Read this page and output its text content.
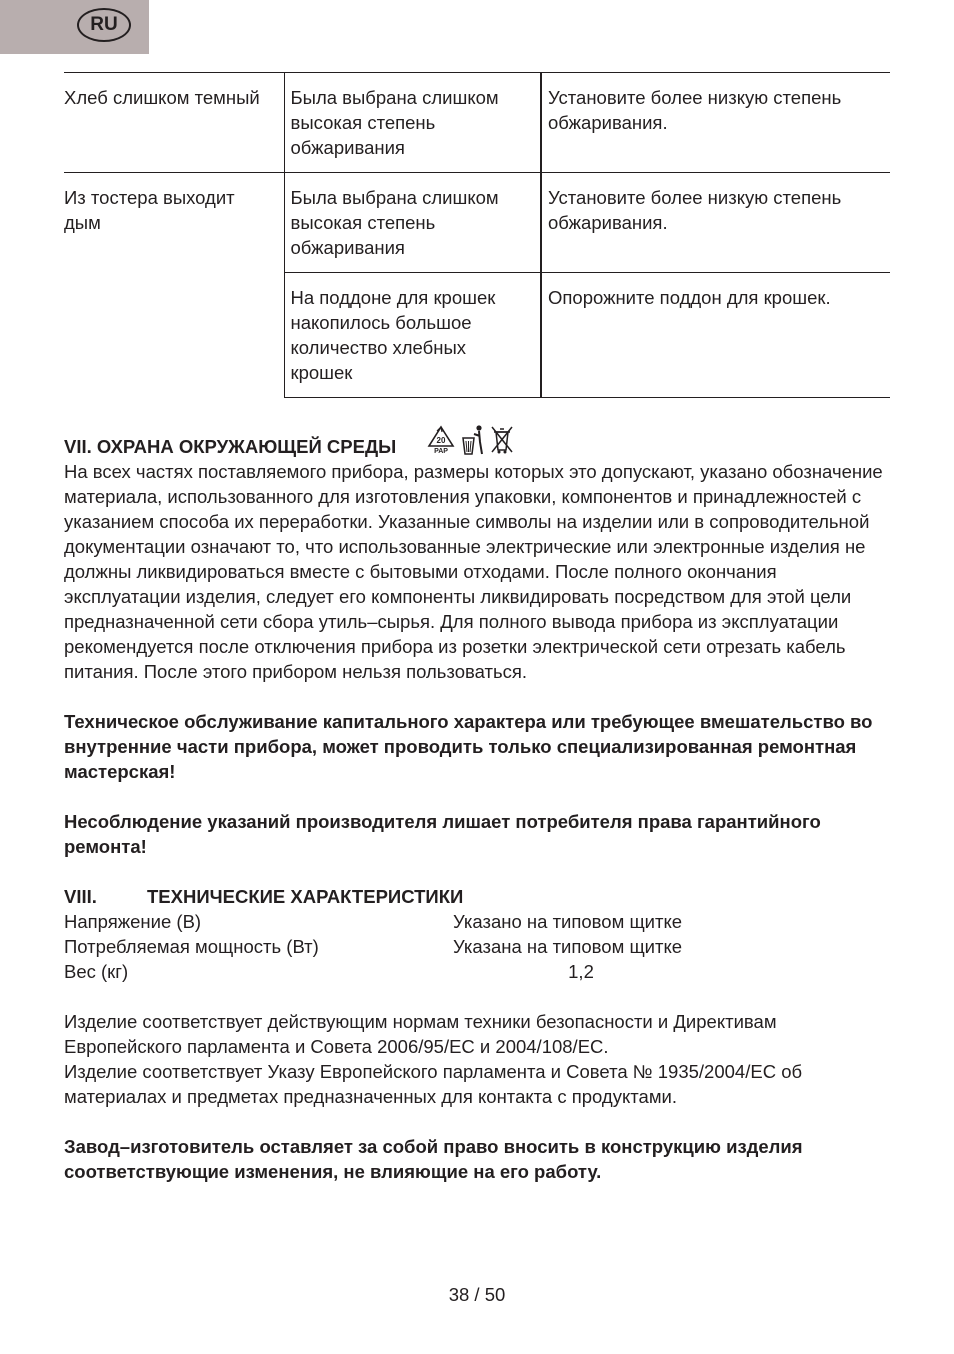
RU
Хлеб слишком темный	Была выбрана слишком высокая степень обжаривания	Установите более низкую степень обжаривания.
Из тостера выходит дым	Была выбрана слишком высокая степень обжаривания	Установите более низкую степень обжаривания.
	На поддоне для крошек накопилось большое количество хлебных крошек	Опорожните поддон для крошек.
VII. ОХРАНА ОКРУЖАЮЩЕЙ СРЕДЫ	20
PAP

На всех частях поставляемого прибора, размеры которых это допускают, указано обозначение материала, использованного для изготовления упаковки, компонентов и принадлежностей с указанием способа их переработки. Указанные символы на изделии или в сопроводительной документации означают то, что использованные электрические или электронные изделия не должны ликвидироваться вместе с бытовыми отходами. После полного окончания эксплуатации изделия, следует его компоненты ликвидировать посредством для этой цели предназначенной сети сбора утиль–сырья. Для полного вывода прибора из эксплуатации рекомендуется после отключения прибора из розетки электрической сети отрезать кабель питания. После этого прибором нельзя пользоваться.

Техническое обслуживание капитального характера или требующее вмешательство во внутренние части прибора, может проводить только специализированная ремонтная мастерская!

Несоблюдение указаний производителя лишает потребителя права гарантийного ремонта!

VIII.	ТЕХНИЧЕСКИЕ ХАРАКТЕРИСТИКИ
Напряжение (В)	Указано на типовом щитке
Потребляемая мощность (Вт)	Указана на типовом щитке
Вес (кг)	1,2

Изделие соответствует действующим нормам техники безопасности и Директивам Европейского парламента и Совета 2006/95/ЕС и 2004/108/ЕС.

Изделие соответствует Указу Европейского парламента и Совета № 1935/2004/ЕС об материалах и предметах предназначенных для контакта с продуктами.

Завод–изготовитель оставляет за собой право вносить в конструкцию изделия соответствующие изменения, не влияющие на его работу.

38 / 50
